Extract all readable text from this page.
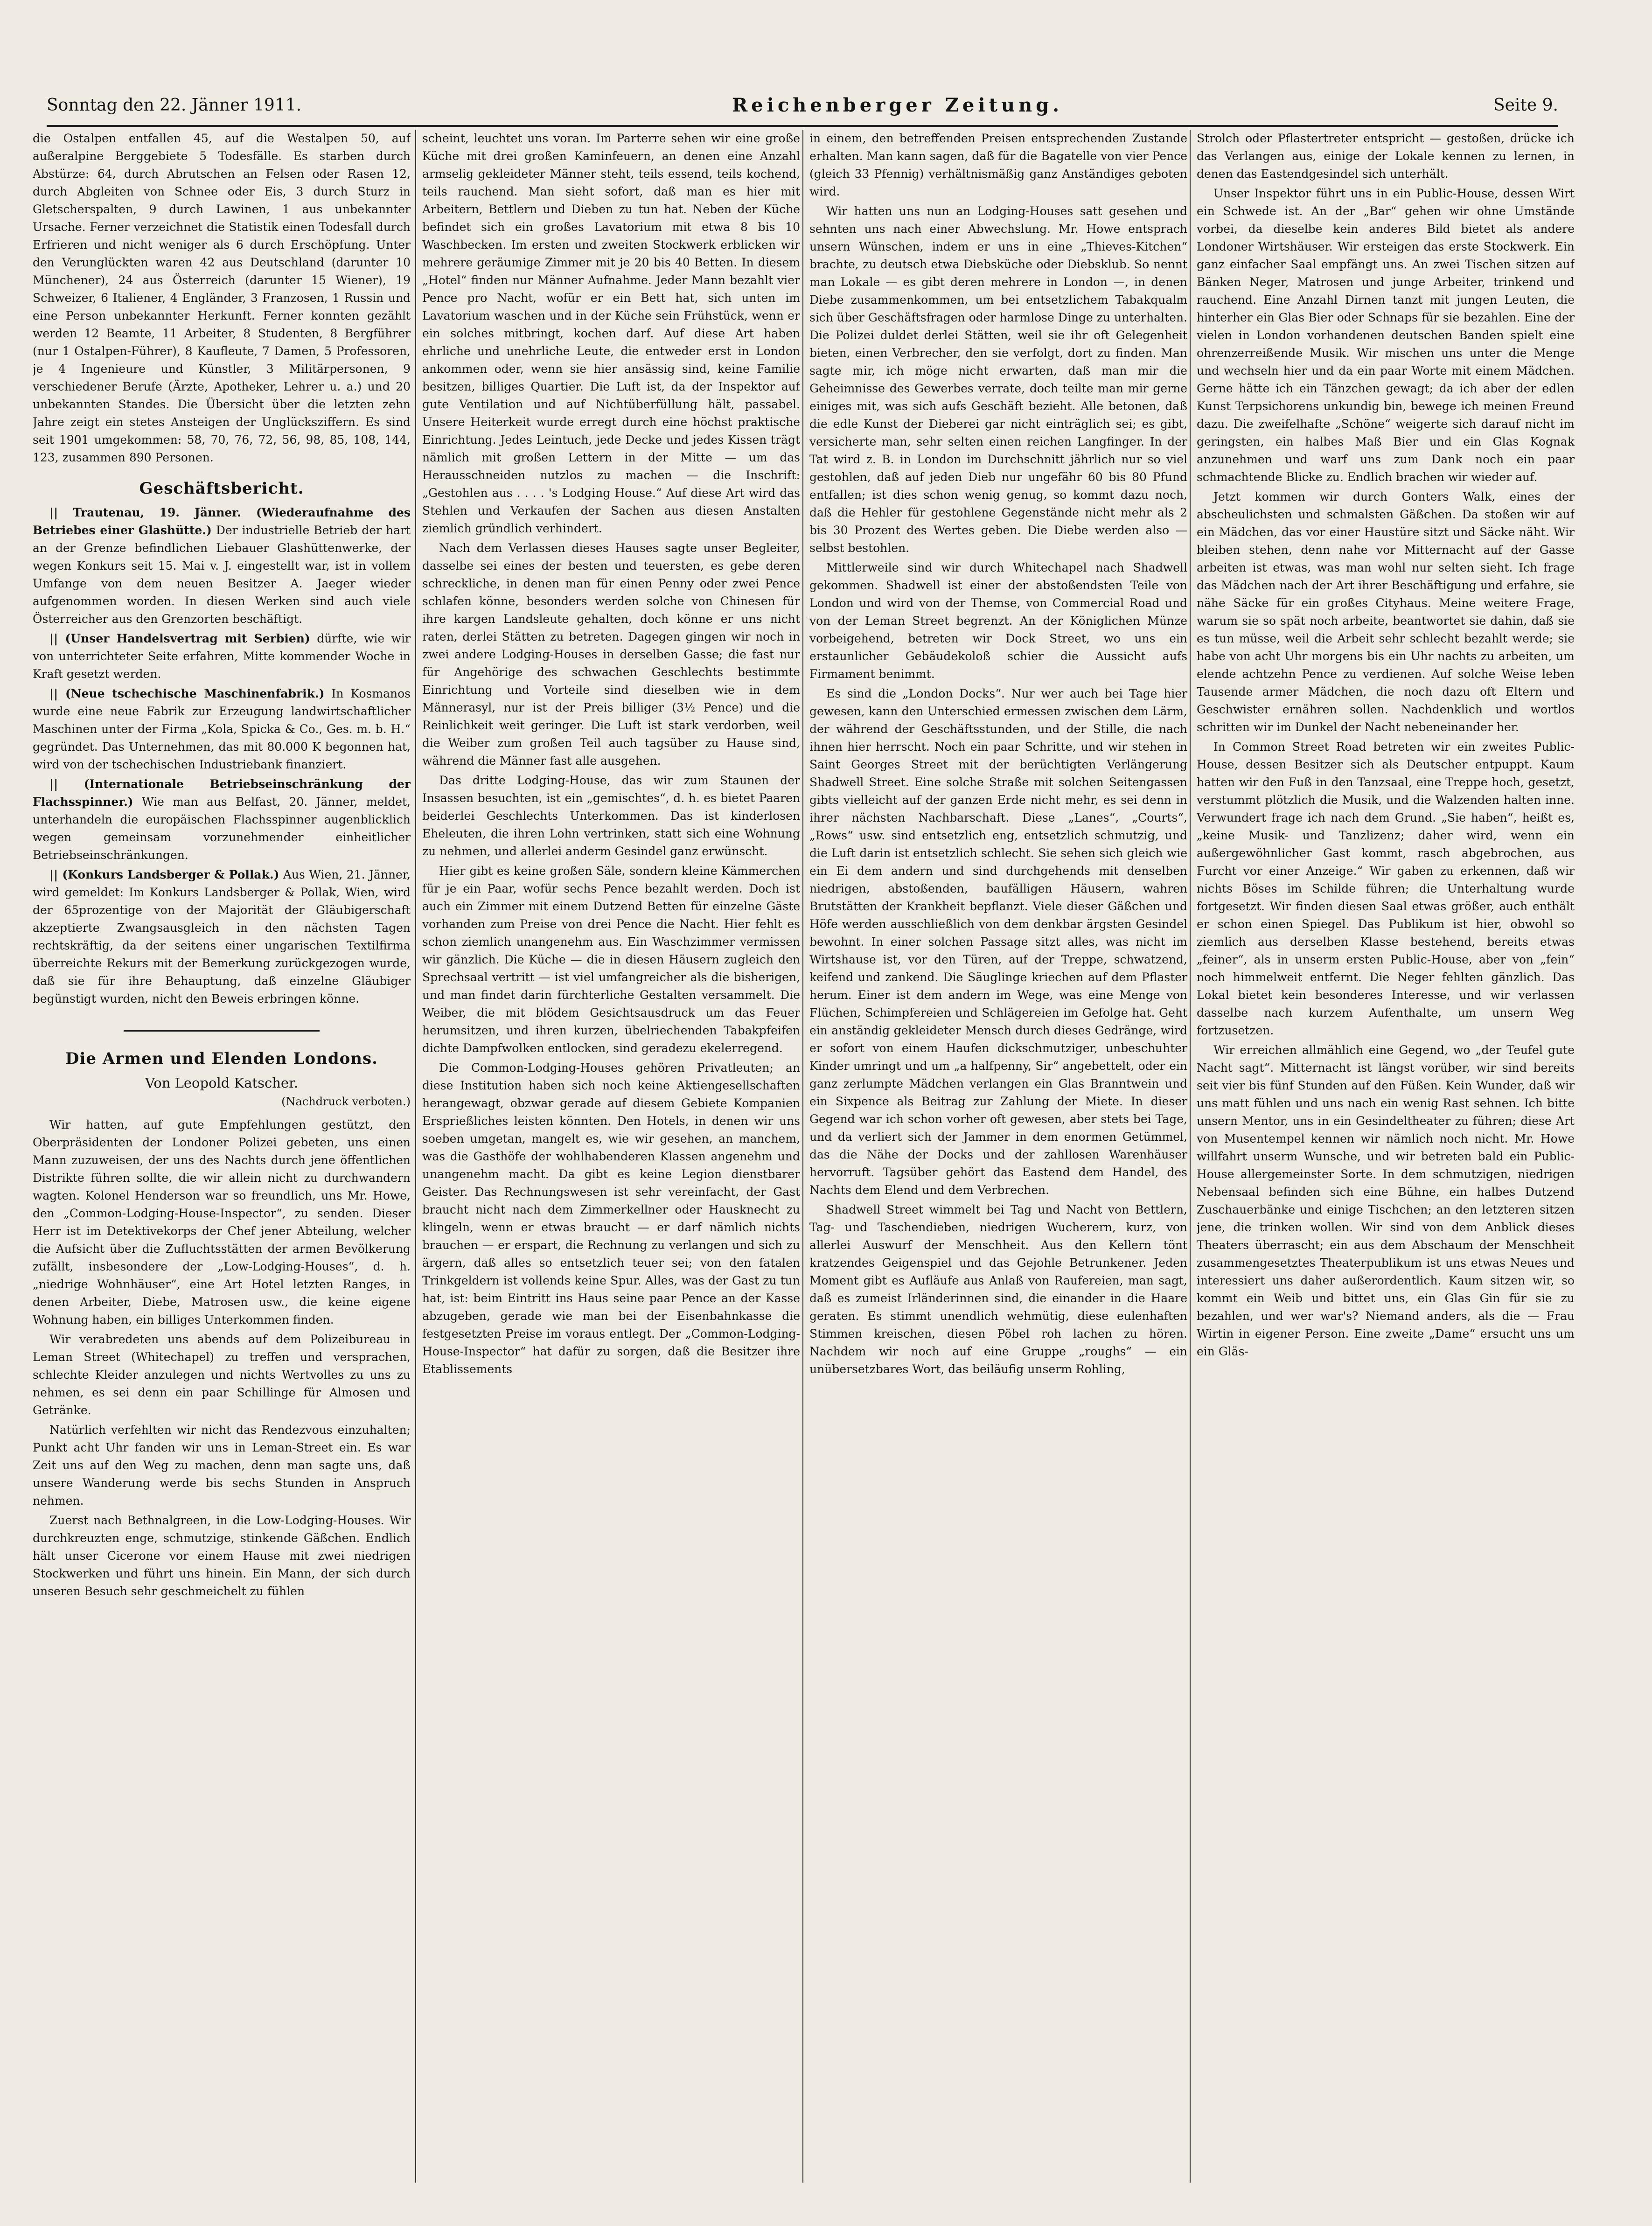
Sonntag den 22. Jänner 1911.	Reichenberger Zeitung.	Seite 9.

die Ostalpen entfallen 45, auf die Westalpen 50, auf außeralpine Berggebiete 5 Todesfälle. Es starben durch Abstürze: 64, durch Abrutschen an Felsen oder Rasen 12, durch Abgleiten von Schnee oder Eis, 3 durch Sturz in Gletscherspalten, 9 durch Lawinen, 1 aus unbekannter Ursache. Ferner verzeichnet die Statistik einen Todesfall durch Erfrieren und nicht weniger als 6 durch Erschöpfung. Unter den Verunglückten waren 42 aus Deutschland (darunter 10 Münchener), 24 aus Österreich (darunter 15 Wiener), 19 Schweizer, 6 Italiener, 4 Engländer, 3 Franzosen, 1 Russin und eine Person unbekannter Herkunft. Ferner konnten gezählt werden 12 Beamte, 11 Arbeiter, 8 Studenten, 8 Bergführer (nur 1 Ostalpen-Führer), 8 Kaufleute, 7 Damen, 5 Professoren, je 4 Ingenieure und Künstler, 3 Militärpersonen, 9 verschiedener Berufe (Ärzte, Apotheker, Lehrer u. a.) und 20 unbekannten Standes. Die Übersicht über die letzten zehn Jahre zeigt ein stetes Ansteigen der Unglücksziffern. Es sind seit 1901 umgekommen: 58, 70, 76, 72, 56, 98, 85, 108, 144, 123, zusammen 890 Personen.

Geschäftsbericht.

|| Trautenau, 19. Jänner. (Wiederaufnahme des Betriebes einer Glashütte.) Der industrielle Betrieb der hart an der Grenze befindlichen Liebauer Glashüttenwerke, der wegen Konkurs seit 15. Mai v. J. eingestellt war, ist in vollem Umfange von dem neuen Besitzer A. Jaeger wieder aufgenommen worden. In diesen Werken sind auch viele Österreicher aus den Grenzorten beschäftigt.

|| (Unser Handelsvertrag mit Serbien) dürfte, wie wir von unterrichteter Seite erfahren, Mitte kommender Woche in Kraft gesetzt werden.

|| (Neue tschechische Maschinenfabrik.) In Kosmanos wurde eine neue Fabrik zur Erzeugung landwirtschaftlicher Maschinen unter der Firma „Kola, Spicka & Co., Ges. m. b. H.“ gegründet. Das Unternehmen, das mit 80.000 K begonnen hat, wird von der tschechischen Industriebank finanziert.

|| (Internationale Betriebseinschränkung der Flachsspinner.) Wie man aus Belfast, 20. Jänner, meldet, unterhandeln die europäischen Flachsspinner augenblicklich wegen gemeinsam vorzunehmender einheitlicher Betriebseinschränkungen.

|| (Konkurs Landsberger & Pollak.) Aus Wien, 21. Jänner, wird gemeldet: Im Konkurs Landsberger & Pollak, Wien, wird der 65prozentige von der Majorität der Gläubigerschaft akzeptierte Zwangsausgleich in den nächsten Tagen rechtskräftig, da der seitens einer ungarischen Textilfirma überreichte Rekurs mit der Bemerkung zurückgezogen wurde, daß sie für ihre Behauptung, daß einzelne Gläubiger begünstigt wurden, nicht den Beweis erbringen könne.

Die Armen und Elenden Londons.
Von Leopold Katscher.
(Nachdruck verboten.)

Wir hatten, auf gute Empfehlungen gestützt, den Oberpräsidenten der Londoner Polizei gebeten, uns einen Mann zuzuweisen, der uns des Nachts durch jene öffentlichen Distrikte führen sollte, die wir allein nicht zu durchwandern wagten. Kolonel Henderson war so freundlich, uns Mr. Howe, den „Common-Lodging-House-Inspector“, zu senden. Dieser Herr ist im Detektivekorps der Chef jener Abteilung, welcher die Aufsicht über die Zufluchtsstätten der armen Bevölkerung zufällt, insbesondere der „Low-Lodging-Houses“, d. h. „niedrige Wohnhäuser“, eine Art Hotel letzten Ranges, in denen Arbeiter, Diebe, Matrosen usw., die keine eigene Wohnung haben, ein billiges Unterkommen finden.

Wir verabredeten uns abends auf dem Polizeibureau in Leman Street (Whitechapel) zu treffen und versprachen, schlechte Kleider anzulegen und nichts Wertvolles zu uns zu nehmen, es sei denn ein paar Schillinge für Almosen und Getränke.

Natürlich verfehlten wir nicht das Rendezvous einzuhalten; Punkt acht Uhr fanden wir uns in Leman-Street ein. Es war Zeit uns auf den Weg zu machen, denn man sagte uns, daß unsere Wanderung werde bis sechs Stunden in Anspruch nehmen.

Zuerst nach Bethnalgreen, in die Low-Lodging-Houses. Wir durchkreuzten enge, schmutzige, stinkende Gäßchen. Endlich hält unser Cicerone vor einem Hause mit zwei niedrigen Stockwerken und führt uns hinein. Ein Mann, der sich durch unseren Besuch sehr geschmeichelt zu fühlen

scheint, leuchtet uns voran. Im Parterre sehen wir eine große Küche mit drei großen Kaminfeuern, an denen eine Anzahl armselig gekleideter Männer steht, teils essend, teils kochend, teils rauchend. Man sieht sofort, daß man es hier mit Arbeitern, Bettlern und Dieben zu tun hat. Neben der Küche befindet sich ein großes Lavatorium mit etwa 8 bis 10 Waschbecken. Im ersten und zweiten Stockwerk erblicken wir mehrere geräumige Zimmer mit je 20 bis 40 Betten. In diesem „Hotel“ finden nur Männer Aufnahme. Jeder Mann bezahlt vier Pence pro Nacht, wofür er ein Bett hat, sich unten im Lavatorium waschen und in der Küche sein Frühstück, wenn er ein solches mitbringt, kochen darf. Auf diese Art haben ehrliche und unehrliche Leute, die entweder erst in London ankommen oder, wenn sie hier ansässig sind, keine Familie besitzen, billiges Quartier. Die Luft ist, da der Inspektor auf gute Ventilation und auf Nichtüberfüllung hält, passabel. Unsere Heiterkeit wurde erregt durch eine höchst praktische Einrichtung. Jedes Leintuch, jede Decke und jedes Kissen trägt nämlich mit großen Lettern in der Mitte — um das Herausschneiden nutzlos zu machen — die Inschrift: „Gestohlen aus . . . . 's Lodging House.“ Auf diese Art wird das Stehlen und Verkaufen der Sachen aus diesen Anstalten ziemlich gründlich verhindert.

Nach dem Verlassen dieses Hauses sagte unser Begleiter, dasselbe sei eines der besten und teuersten, es gebe deren schreckliche, in denen man für einen Penny oder zwei Pence schlafen könne, besonders werden solche von Chinesen für ihre kargen Landsleute gehalten, doch könne er uns nicht raten, derlei Stätten zu betreten. Dagegen gingen wir noch in zwei andere Lodging-Houses in derselben Gasse; die fast nur für Angehörige des schwachen Geschlechts bestimmte Einrichtung und Vorteile sind dieselben wie in dem Männerasyl, nur ist der Preis billiger (3½ Pence) und die Reinlichkeit weit geringer. Die Luft ist stark verdorben, weil die Weiber zum großen Teil auch tagsüber zu Hause sind, während die Männer fast alle ausgehen.

Das dritte Lodging-House, das wir zum Staunen der Insassen besuchten, ist ein „gemischtes“, d. h. es bietet Paaren beiderlei Geschlechts Unterkommen. Das ist kinderlosen Eheleuten, die ihren Lohn vertrinken, statt sich eine Wohnung zu nehmen, und allerlei anderm Gesindel ganz erwünscht.

Hier gibt es keine großen Säle, sondern kleine Kämmerchen für je ein Paar, wofür sechs Pence bezahlt werden. Doch ist auch ein Zimmer mit einem Dutzend Betten für einzelne Gäste vorhanden zum Preise von drei Pence die Nacht. Hier fehlt es schon ziemlich unangenehm aus. Ein Waschzimmer vermissen wir gänzlich. Die Küche — die in diesen Häusern zugleich den Sprechsaal vertritt — ist viel umfangreicher als die bisherigen, und man findet darin fürchterliche Gestalten versammelt. Die Weiber, die mit blödem Gesichtsausdruck um das Feuer herumsitzen, und ihren kurzen, übelriechenden Tabakpfeifen dichte Dampfwolken entlocken, sind geradezu ekelerregend.

Die Common-Lodging-Houses gehören Privatleuten; an diese Institution haben sich noch keine Aktiengesellschaften herangewagt, obzwar gerade auf diesem Gebiete Kompanien Ersprießliches leisten könnten. Den Hotels, in denen wir uns soeben umgetan, mangelt es, wie wir gesehen, an manchem, was die Gasthöfe der wohlhabenderen Klassen angenehm und unangenehm macht. Da gibt es keine Legion dienstbarer Geister. Das Rechnungswesen ist sehr vereinfacht, der Gast braucht nicht nach dem Zimmerkellner oder Hausknecht zu klingeln, wenn er etwas braucht — er darf nämlich nichts brauchen — er erspart, die Rechnung zu verlangen und sich zu ärgern, daß alles so entsetzlich teuer sei; von den fatalen Trinkgeldern ist vollends keine Spur. Alles, was der Gast zu tun hat, ist: beim Eintritt ins Haus seine paar Pence an der Kasse abzugeben, gerade wie man bei der Eisenbahnkasse die festgesetzten Preise im voraus entlegt. Der „Common-Lodging-House-Inspector“ hat dafür zu sorgen, daß die Besitzer ihre Etablissements

in einem, den betreffenden Preisen entsprechenden Zustande erhalten. Man kann sagen, daß für die Bagatelle von vier Pence (gleich 33 Pfennig) verhältnismäßig ganz Anständiges geboten wird.

Wir hatten uns nun an Lodging-Houses satt gesehen und sehnten uns nach einer Abwechslung. Mr. Howe entsprach unsern Wünschen, indem er uns in eine „Thieves-Kitchen“ brachte, zu deutsch etwa Diebsküche oder Diebsklub. So nennt man Lokale — es gibt deren mehrere in London —, in denen Diebe zusammenkommen, um bei entsetzlichem Tabakqualm sich über Geschäftsfragen oder harmlose Dinge zu unterhalten. Die Polizei duldet derlei Stätten, weil sie ihr oft Gelegenheit bieten, einen Verbrecher, den sie verfolgt, dort zu finden. Man sagte mir, ich möge nicht erwarten, daß man mir die Geheimnisse des Gewerbes verrate, doch teilte man mir gerne einiges mit, was sich aufs Geschäft bezieht. Alle betonen, daß die edle Kunst der Dieberei gar nicht einträglich sei; es gibt, versicherte man, sehr selten einen reichen Langfinger. In der Tat wird z. B. in London im Durchschnitt jährlich nur so viel gestohlen, daß auf jeden Dieb nur ungefähr 60 bis 80 Pfund entfallen; ist dies schon wenig genug, so kommt dazu noch, daß die Hehler für gestohlene Gegenstände nicht mehr als 2 bis 30 Prozent des Wertes geben. Die Diebe werden also — selbst bestohlen.

Mittlerweile sind wir durch Whitechapel nach Shadwell gekommen. Shadwell ist einer der abstoßendsten Teile von London und wird von der Themse, von Commercial Road und von der Leman Street begrenzt. An der Königlichen Münze vorbeigehend, betreten wir Dock Street, wo uns ein erstaunlicher Gebäudekoloß schier die Aussicht aufs Firmament benimmt.

Es sind die „London Docks“. Nur wer auch bei Tage hier gewesen, kann den Unterschied ermessen zwischen dem Lärm, der während der Geschäftsstunden, und der Stille, die nach ihnen hier herrscht. Noch ein paar Schritte, und wir stehen in Saint Georges Street mit der berüchtigten Verlängerung Shadwell Street. Eine solche Straße mit solchen Seitengassen gibts vielleicht auf der ganzen Erde nicht mehr, es sei denn in ihrer nächsten Nachbarschaft. Diese „Lanes“, „Courts“, „Rows“ usw. sind entsetzlich eng, entsetzlich schmutzig, und die Luft darin ist entsetzlich schlecht. Sie sehen sich gleich wie ein Ei dem andern und sind durchgehends mit denselben niedrigen, abstoßenden, baufälligen Häusern, wahren Brutstätten der Krankheit bepflanzt. Viele dieser Gäßchen und Höfe werden ausschließlich von dem denkbar ärgsten Gesindel bewohnt. In einer solchen Passage sitzt alles, was nicht im Wirtshause ist, vor den Türen, auf der Treppe, schwatzend, keifend und zankend. Die Säuglinge kriechen auf dem Pflaster herum. Einer ist dem andern im Wege, was eine Menge von Flüchen, Schimpfereien und Schlägereien im Gefolge hat. Geht ein anständig gekleideter Mensch durch dieses Gedränge, wird er sofort von einem Haufen dickschmutziger, unbeschuhter Kinder umringt und um „a halfpenny, Sir“ angebettelt, oder ein ganz zerlumpte Mädchen verlangen ein Glas Branntwein und ein Sixpence als Beitrag zur Zahlung der Miete. In dieser Gegend war ich schon vorher oft gewesen, aber stets bei Tage, und da verliert sich der Jammer in dem enormen Getümmel, das die Nähe der Docks und der zahllosen Warenhäuser hervorruft. Tagsüber gehört das Eastend dem Handel, des Nachts dem Elend und dem Verbrechen.

Shadwell Street wimmelt bei Tag und Nacht von Bettlern, Tag- und Taschendieben, niedrigen Wucherern, kurz, von allerlei Auswurf der Menschheit. Aus den Kellern tönt kratzendes Geigenspiel und das Gejohle Betrunkener. Jeden Moment gibt es Aufläufe aus Anlaß von Raufereien, man sagt, daß es zumeist Irländerinnen sind, die einander in die Haare geraten. Es stimmt unendlich wehmütig, diese eulenhaften Stimmen kreischen, diesen Pöbel roh lachen zu hören. Nachdem wir noch auf eine Gruppe „roughs“ — ein unübersetzbares Wort, das beiläufig unserm Rohling,

Strolch oder Pflastertreter entspricht — gestoßen, drücke ich das Verlangen aus, einige der Lokale kennen zu lernen, in denen das Eastendgesindel sich unterhält.

Unser Inspektor führt uns in ein Public-House, dessen Wirt ein Schwede ist. An der „Bar“ gehen wir ohne Umstände vorbei, da dieselbe kein anderes Bild bietet als andere Londoner Wirtshäuser. Wir ersteigen das erste Stockwerk. Ein ganz einfacher Saal empfängt uns. An zwei Tischen sitzen auf Bänken Neger, Matrosen und junge Arbeiter, trinkend und rauchend. Eine Anzahl Dirnen tanzt mit jungen Leuten, die hinterher ein Glas Bier oder Schnaps für sie bezahlen. Eine der vielen in London vorhandenen deutschen Banden spielt eine ohrenzerreißende Musik. Wir mischen uns unter die Menge und wechseln hier und da ein paar Worte mit einem Mädchen. Gerne hätte ich ein Tänzchen gewagt; da ich aber der edlen Kunst Terpsichorens unkundig bin, bewege ich meinen Freund dazu. Die zweifelhafte „Schöne“ weigerte sich darauf nicht im geringsten, ein halbes Maß Bier und ein Glas Kognak anzunehmen und warf uns zum Dank noch ein paar schmachtende Blicke zu. Endlich brachen wir wieder auf.

Jetzt kommen wir durch Gonters Walk, eines der abscheulichsten und schmalsten Gäßchen. Da stoßen wir auf ein Mädchen, das vor einer Haustüre sitzt und Säcke näht. Wir bleiben stehen, denn nahe vor Mitternacht auf der Gasse arbeiten ist etwas, was man wohl nur selten sieht. Ich frage das Mädchen nach der Art ihrer Beschäftigung und erfahre, sie nähe Säcke für ein großes Cityhaus. Meine weitere Frage, warum sie so spät noch arbeite, beantwortet sie dahin, daß sie es tun müsse, weil die Arbeit sehr schlecht bezahlt werde; sie habe von acht Uhr morgens bis ein Uhr nachts zu arbeiten, um elende achtzehn Pence zu verdienen. Auf solche Weise leben Tausende armer Mädchen, die noch dazu oft Eltern und Geschwister ernähren sollen. Nachdenklich und wortlos schritten wir im Dunkel der Nacht nebeneinander her.

In Common Street Road betreten wir ein zweites Public-House, dessen Besitzer sich als Deutscher entpuppt. Kaum hatten wir den Fuß in den Tanzsaal, eine Treppe hoch, gesetzt, verstummt plötzlich die Musik, und die Walzenden halten inne. Verwundert frage ich nach dem Grund. „Sie haben“, heißt es, „keine Musik- und Tanzlizenz; daher wird, wenn ein außergewöhnlicher Gast kommt, rasch abgebrochen, aus Furcht vor einer Anzeige.“ Wir gaben zu erkennen, daß wir nichts Böses im Schilde führen; die Unterhaltung wurde fortgesetzt. Wir finden diesen Saal etwas größer, auch enthält er schon einen Spiegel. Das Publikum ist hier, obwohl so ziemlich aus derselben Klasse bestehend, bereits etwas „feiner“, als in unserm ersten Public-House, aber von „fein“ noch himmelweit entfernt. Die Neger fehlten gänzlich. Das Lokal bietet kein besonderes Interesse, und wir verlassen dasselbe nach kurzem Aufenthalte, um unsern Weg fortzusetzen.

Wir erreichen allmählich eine Gegend, wo „der Teufel gute Nacht sagt“. Mitternacht ist längst vorüber, wir sind bereits seit vier bis fünf Stunden auf den Füßen. Kein Wunder, daß wir uns matt fühlen und uns nach ein wenig Rast sehnen. Ich bitte unsern Mentor, uns in ein Gesindeltheater zu führen; diese Art von Musentempel kennen wir nämlich noch nicht. Mr. Howe willfahrt unserm Wunsche, und wir betreten bald ein Public-House allergemeinster Sorte. In dem schmutzigen, niedrigen Nebensaal befinden sich eine Bühne, ein halbes Dutzend Zuschauerbänke und einige Tischchen; an den letzteren sitzen jene, die trinken wollen. Wir sind von dem Anblick dieses Theaters überrascht; ein aus dem Abschaum der Menschheit zusammengesetztes Theaterpublikum ist uns etwas Neues und interessiert uns daher außerordentlich. Kaum sitzen wir, so kommt ein Weib und bittet uns, ein Glas Gin für sie zu bezahlen, und wer war's? Niemand anders, als die — Frau Wirtin in eigener Person. Eine zweite „Dame“ ersucht uns um ein Gläs-
